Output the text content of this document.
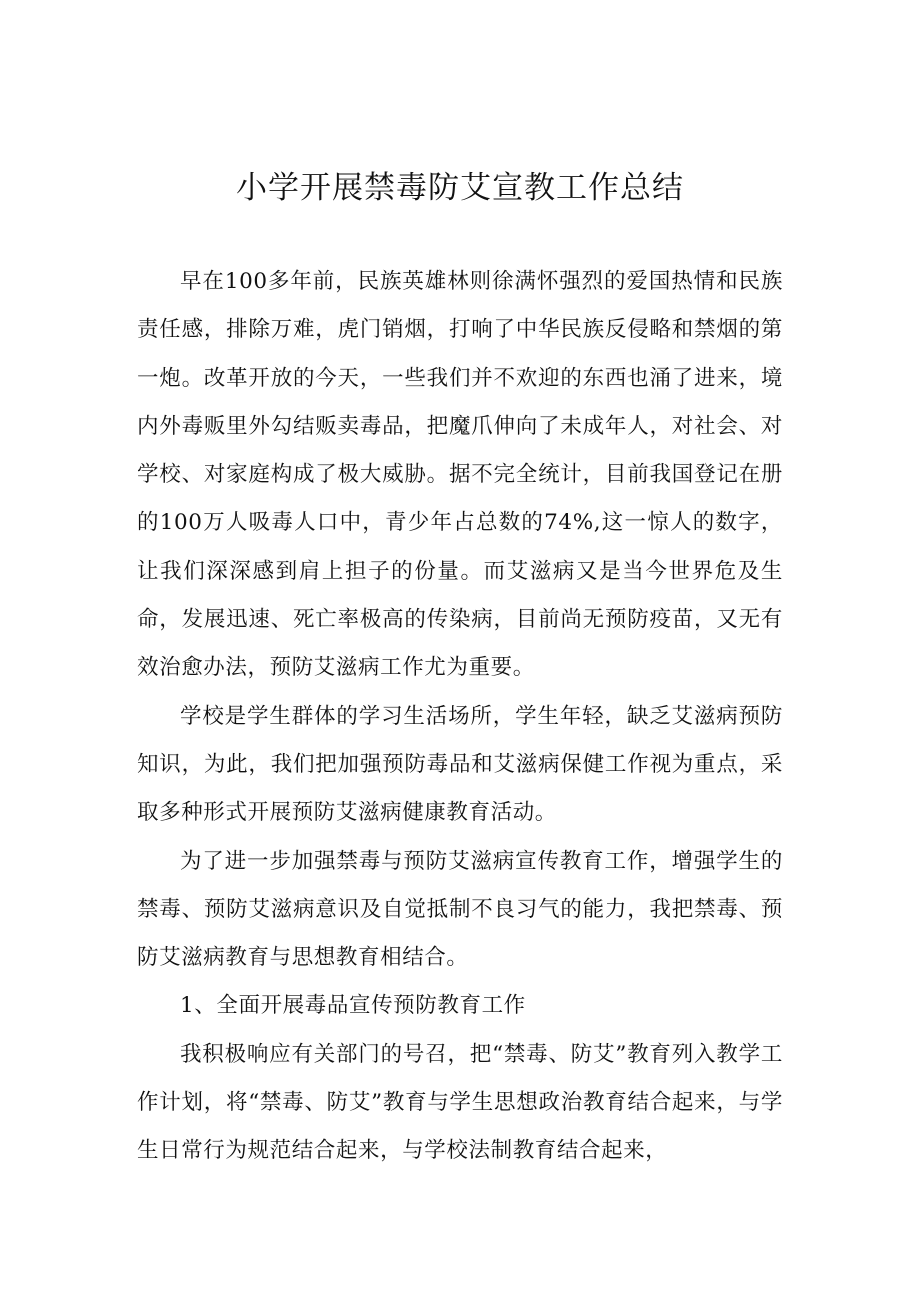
小学开展禁毒防艾宣教工作总结

早在100多年前，民族英雄林则徐满怀强烈的爱国热情和民族责任感，排除万难，虎门销烟，打响了中华民族反侵略和禁烟的第一炮。改革开放的今天，一些我们并不欢迎的东西也涌了进来，境内外毒贩里外勾结贩卖毒品，把魔爪伸向了未成年人，对社会、对学校、对家庭构成了极大威胁。据不完全统计，目前我国登记在册的100万人吸毒人口中，青少年占总数的74%,这一惊人的数字，让我们深深感到肩上担子的份量。而艾滋病又是当今世界危及生命，发展迅速、死亡率极高的传染病，目前尚无预防疫苗，又无有效治愈办法，预防艾滋病工作尤为重要。

学校是学生群体的学习生活场所，学生年轻，缺乏艾滋病预防知识，为此，我们把加强预防毒品和艾滋病保健工作视为重点，采取多种形式开展预防艾滋病健康教育活动。

为了进一步加强禁毒与预防艾滋病宣传教育工作，增强学生的禁毒、预防艾滋病意识及自觉抵制不良习气的能力，我把禁毒、预防艾滋病教育与思想教育相结合。

1、全面开展毒品宣传预防教育工作

我积极响应有关部门的号召，把“禁毒、防艾”教育列入教学工作计划，将“禁毒、防艾”教育与学生思想政治教育结合起来，与学生日常行为规范结合起来，与学校法制教育结合起来，
